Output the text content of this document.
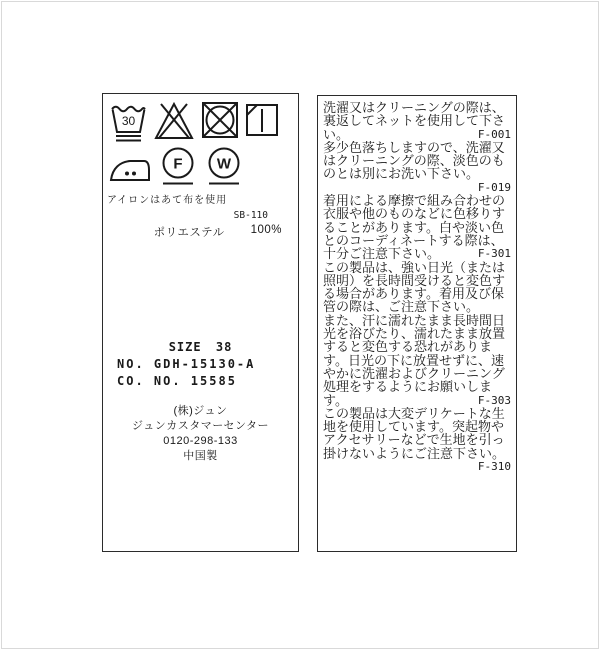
30
F W
アイロンはあて布を使用
SB-110
ポリエステル 100%
SIZE 38
NO. GDH-15130-A
CO. NO. 15585
(株)ジュン
ジュンカスタマーセンター
0120-298-133
中国製

洗濯又はクリーニングの際は、裏返してネットを使用して下さい。	F-001

多少色落ちしますので、洗濯又はクリーニングの際、淡色のものとは別にお洗い下さい。
F-019

着用による摩擦で組み合わせの衣服や他のものなどに色移りすることがあります。白や淡い色とのコーディネートする際は、十分ご注意下さい。	F-301

この製品は、強い日光（または照明）を長時間受けると変色する場合があります。着用及び保管の際は、ご注意下さい。

また、汗に濡れたまま長時間日光を浴びたり、濡れたまま放置すると変色する恐れがあります。日光の下に放置せずに、速やかに洗濯およびクリーニング処理をするようにお願いします。	F-303

この製品は大変デリケートな生地を使用しています。突起物やアクセサリーなどで生地を引っ掛けないようにご注意下さい。
F-310
